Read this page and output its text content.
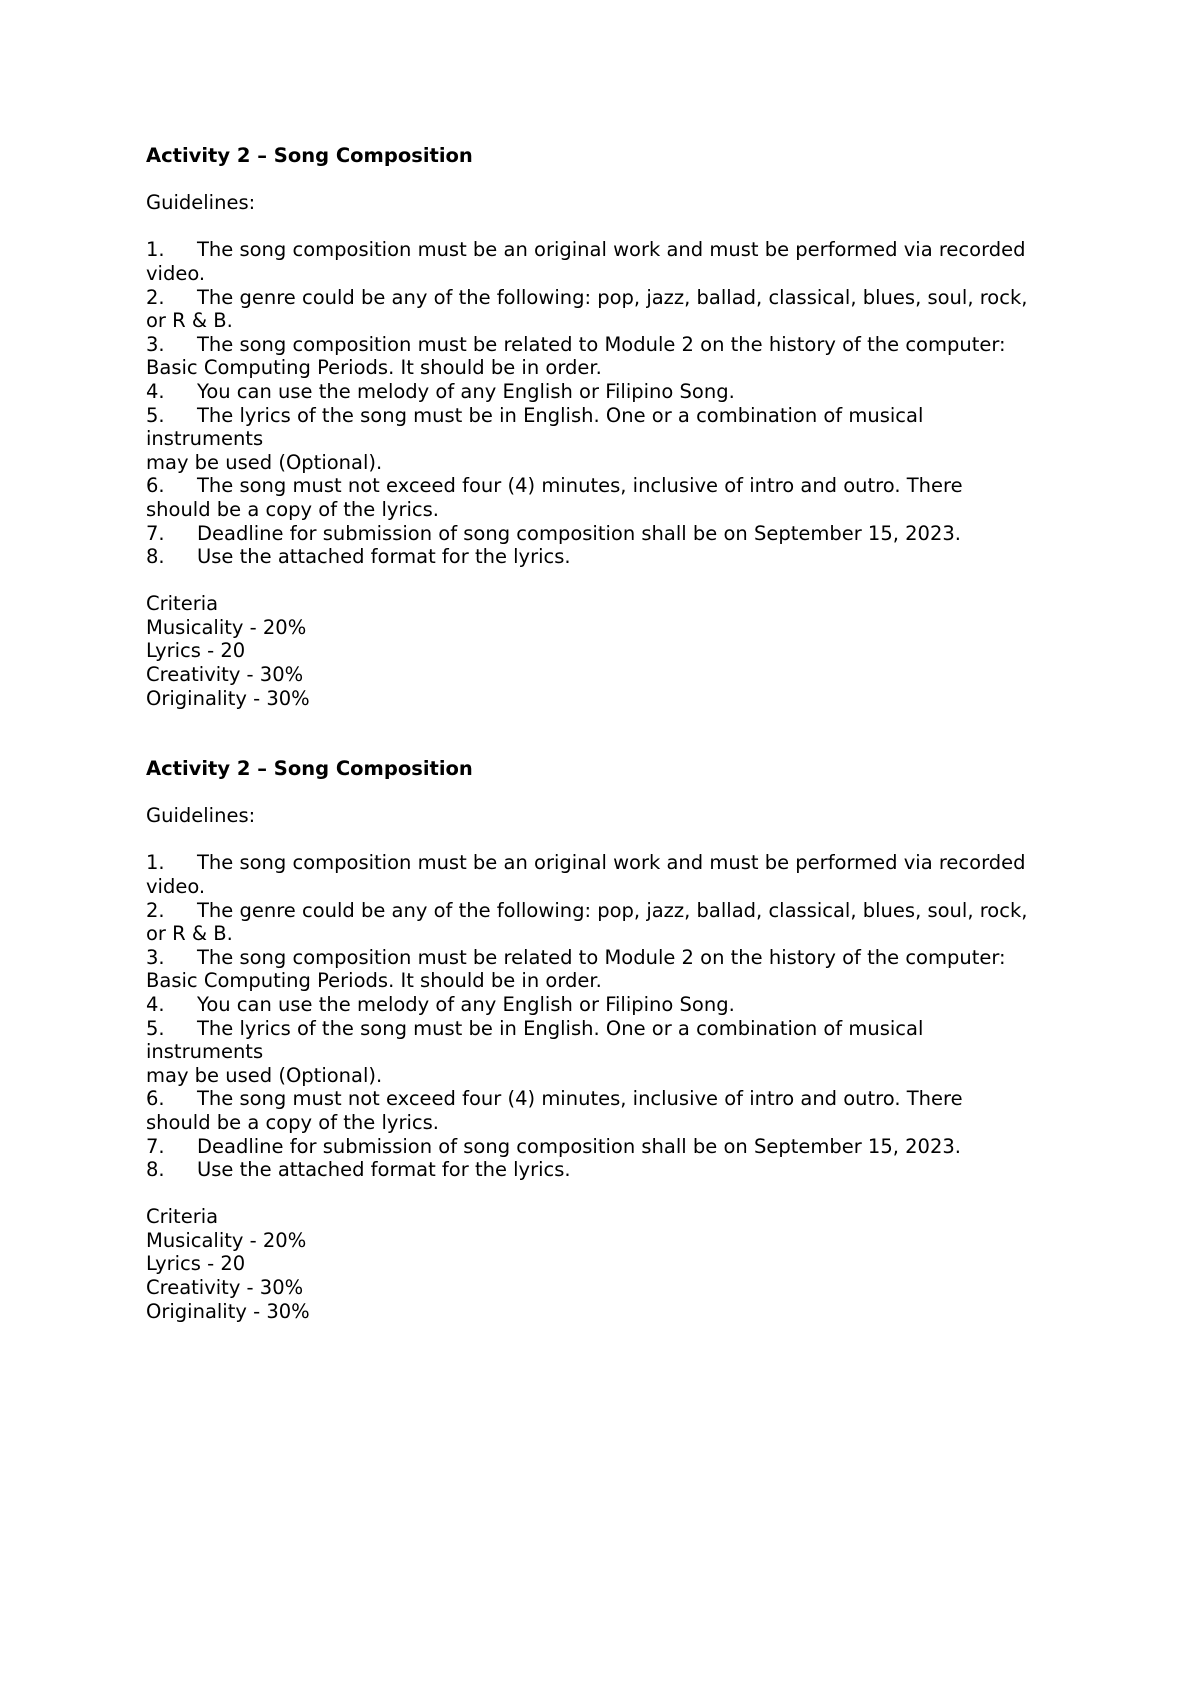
Activity 2 – Song Composition
Guidelines:
1. The song composition must be an original work and must be performed via recorded
video.
2. The genre could be any of the following: pop, jazz, ballad, classical, blues, soul, rock,
or R & B.
3. The song composition must be related to Module 2 on the history of the computer:
Basic Computing Periods. It should be in order.
4. You can use the melody of any English or Filipino Song.
5. The lyrics of the song must be in English. One or a combination of musical
instruments
may be used (Optional).
6. The song must not exceed four (4) minutes, inclusive of intro and outro. There
should be a copy of the lyrics.
7. Deadline for submission of song composition shall be on September 15, 2023.
8. Use the attached format for the lyrics.
Criteria
Musicality - 20%
Lyrics - 20
Creativity - 30%
Originality - 30%
Activity 2 – Song Composition
Guidelines:
1. The song composition must be an original work and must be performed via recorded
video.
2. The genre could be any of the following: pop, jazz, ballad, classical, blues, soul, rock,
or R & B.
3. The song composition must be related to Module 2 on the history of the computer:
Basic Computing Periods. It should be in order.
4. You can use the melody of any English or Filipino Song.
5. The lyrics of the song must be in English. One or a combination of musical
instruments
may be used (Optional).
6. The song must not exceed four (4) minutes, inclusive of intro and outro. There
should be a copy of the lyrics.
7. Deadline for submission of song composition shall be on September 15, 2023.
8. Use the attached format for the lyrics.
Criteria
Musicality - 20%
Lyrics - 20
Creativity - 30%
Originality - 30%
